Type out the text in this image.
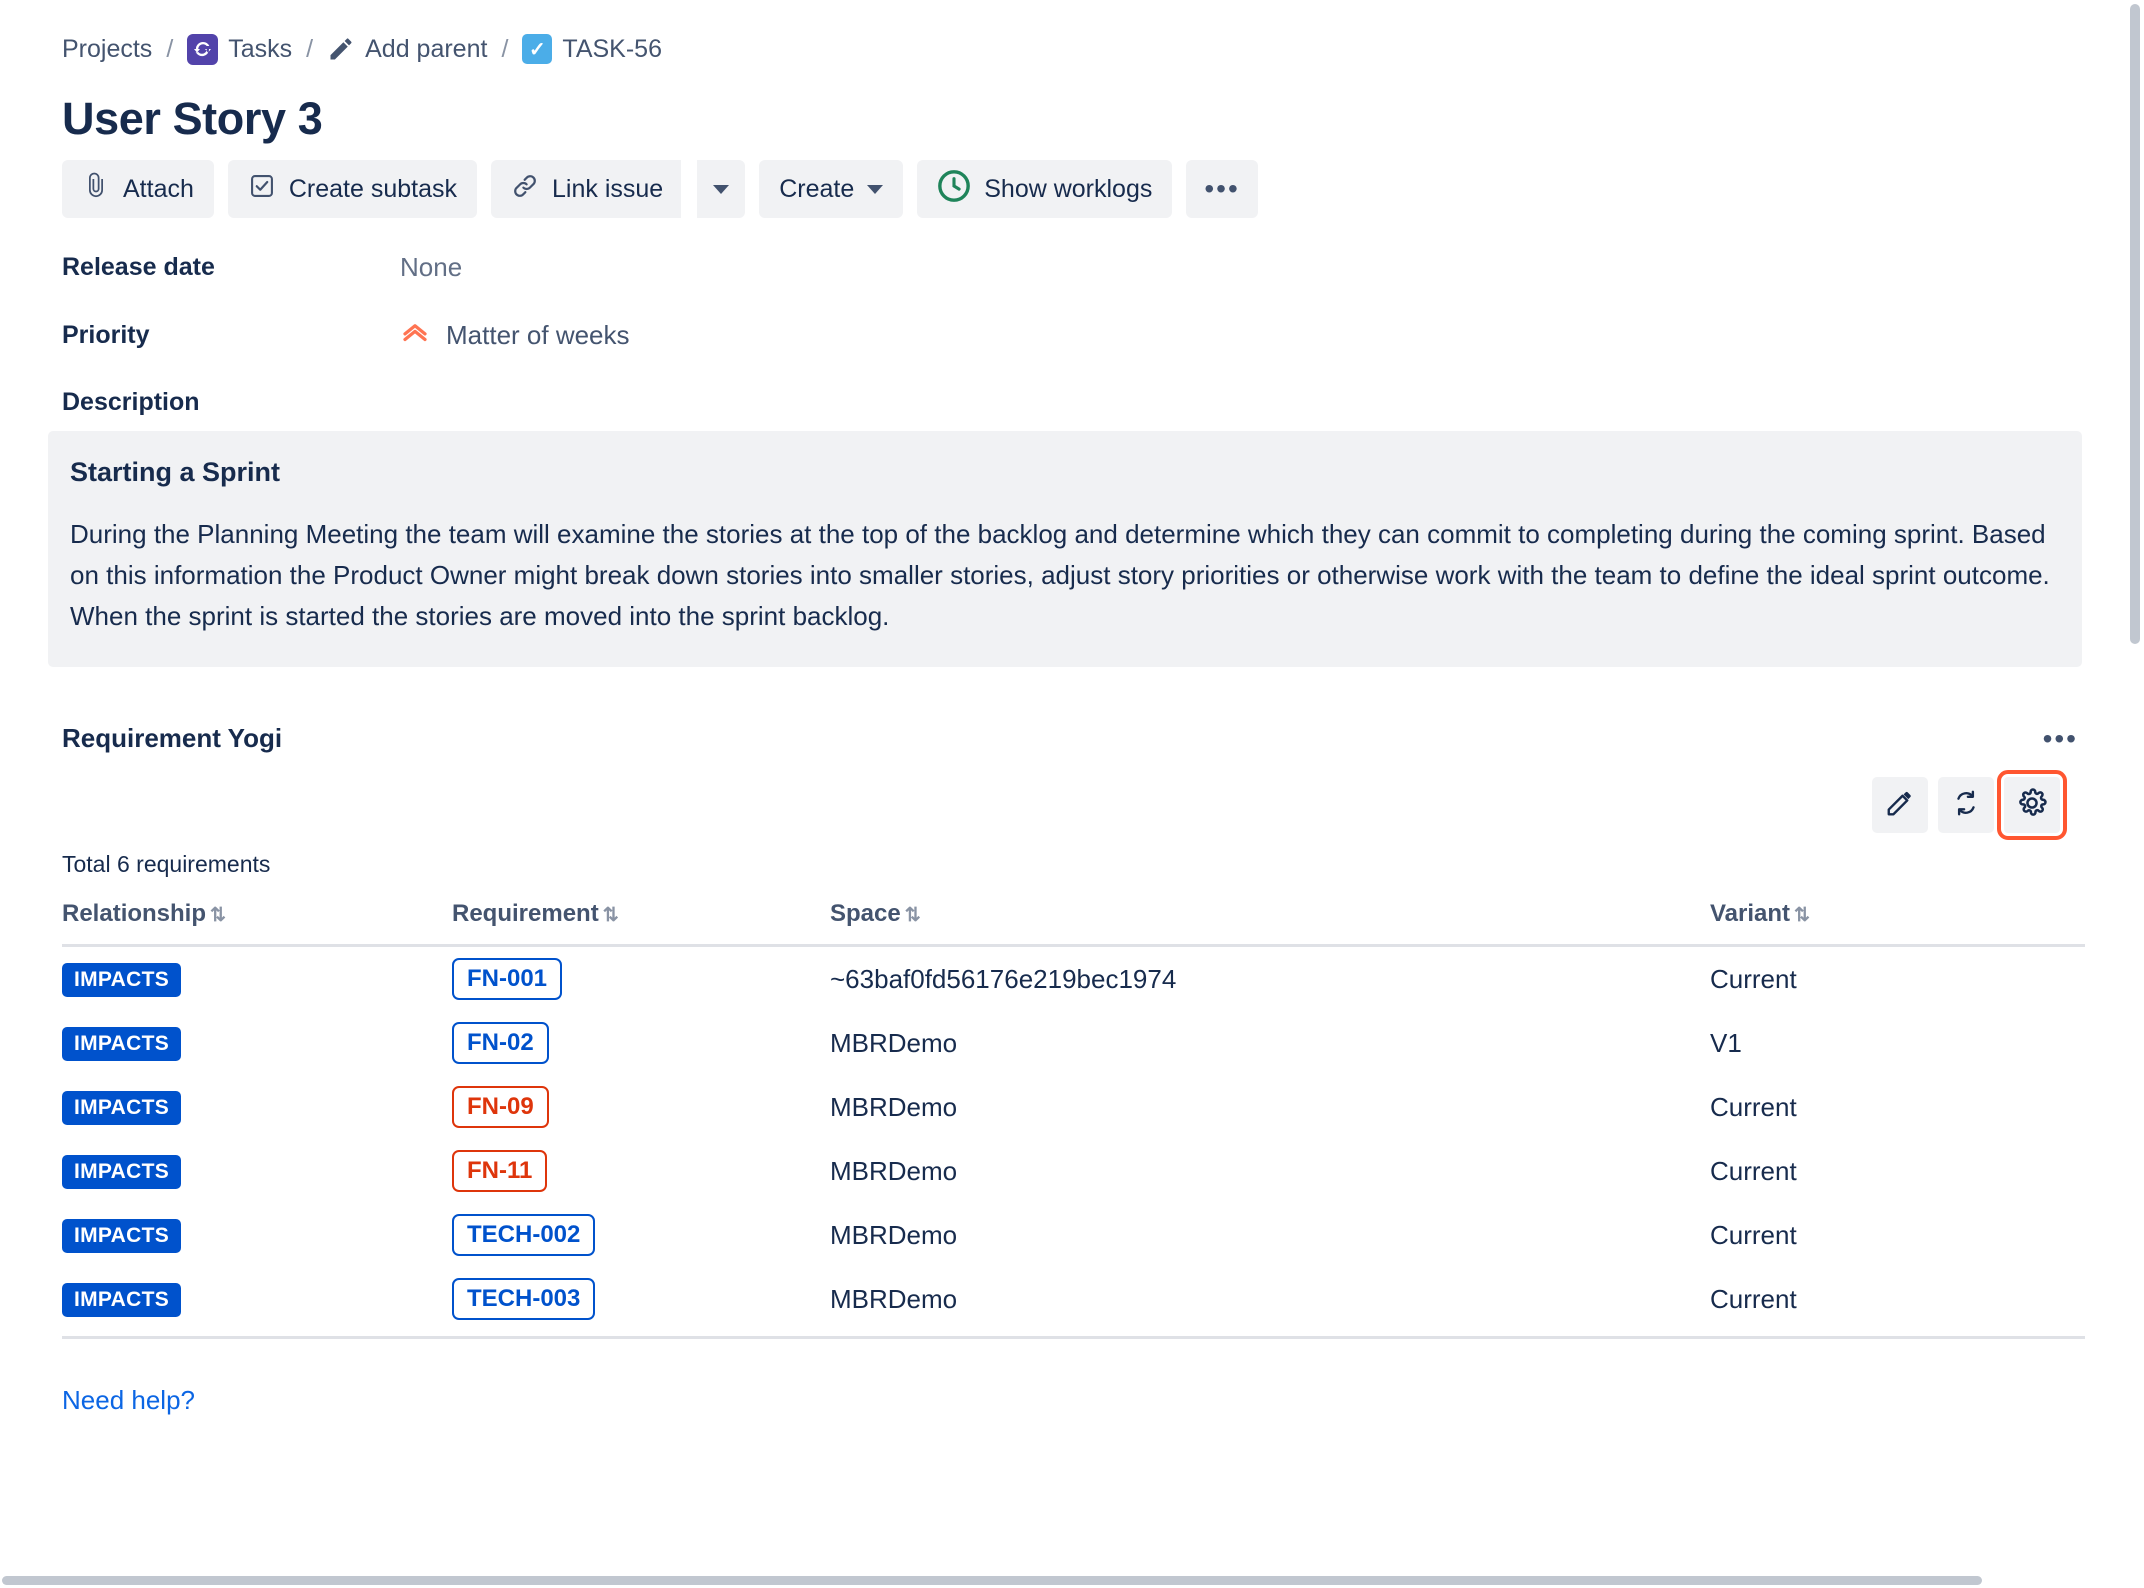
Projects / Tasks / Add parent /	✓ TASK-56
User Story 3
Attach	Create subtask	Link issue	Create	Show worklogs	•••
Release date	None
Priority	Matter of weeks
Description

Starting a Sprint

During the Planning Meeting the team will examine the stories at the top of the backlog and determine which they can commit to completing during the coming sprint. Based on this information the Product Owner might break down stories into smaller stories, adjust story priorities or otherwise work with the team to define the ideal sprint outcome. When the sprint is started the stories are moved into the sprint backlog.

Requirement Yogi	•••
Total 6 requirements
Relationship ⇅	Requirement ⇅	Space ⇅	Variant ⇅
IMPACTS	FN-001	~63baf0fd56176e219bec1974	Current
IMPACTS	FN-02	MBRDemo	V1
IMPACTS	FN-09	MBRDemo	Current
IMPACTS	FN-11	MBRDemo	Current
IMPACTS	TECH-002	MBRDemo	Current
IMPACTS	TECH-003	MBRDemo	Current
Need help?
